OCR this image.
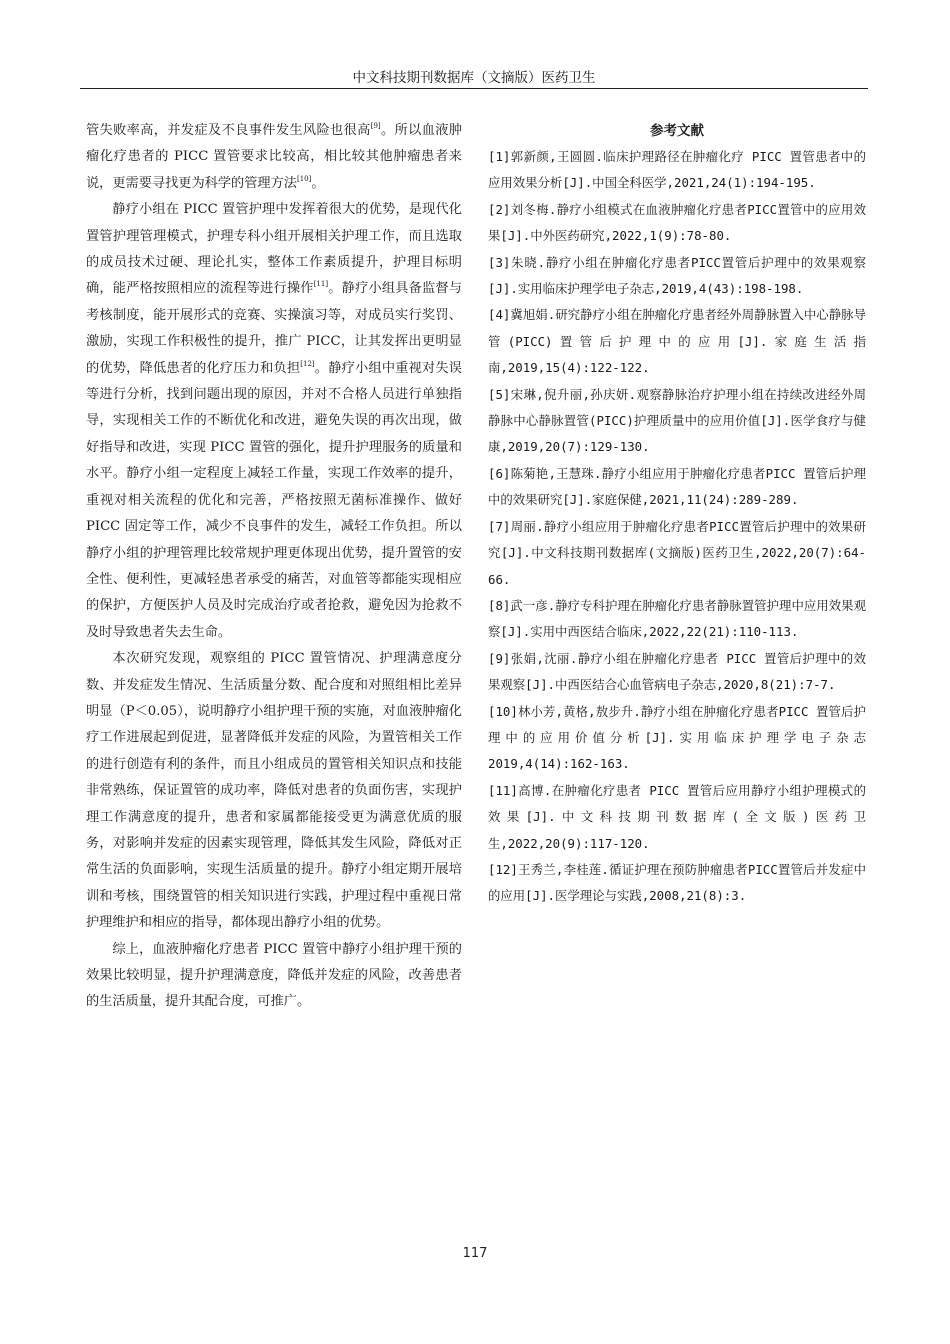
中文科技期刊数据库（文摘版）医药卫生

管失败率高，并发症及不良事件发生风险也很高[9]。所以血液肿瘤化疗患者的 PICC 置管要求比较高，相比较其他肿瘤患者来说，更需要寻找更为科学的管理方法[10]。

静疗小组在 PICC 置管护理中发挥着很大的优势，是现代化置管护理管理模式，护理专科小组开展相关护理工作，而且选取的成员技术过硬、理论扎实，整体工作素质提升，护理目标明确，能严格按照相应的流程等进行操作[11]。静疗小组具备监督与考核制度，能开展形式的竞赛、实操演习等，对成员实行奖罚、激励，实现工作积极性的提升，推广 PICC，让其发挥出更明显的优势，降低患者的化疗压力和负担[12]。静疗小组中重视对失误等进行分析，找到问题出现的原因，并对不合格人员进行单独指导，实现相关工作的不断优化和改进，避免失误的再次出现，做好指导和改进，实现 PICC 置管的强化，提升护理服务的质量和水平。静疗小组一定程度上减轻工作量，实现工作效率的提升，重视对相关流程的优化和完善，严格按照无菌标准操作、做好 PICC 固定等工作，减少不良事件的发生，减轻工作负担。所以静疗小组的护理管理比较常规护理更体现出优势，提升置管的安全性、便利性，更减轻患者承受的痛苦，对血管等都能实现相应的保护，方便医护人员及时完成治疗或者抢救，避免因为抢救不及时导致患者失去生命。

本次研究发现，观察组的 PICC 置管情况、护理满意度分数、并发症发生情况、生活质量分数、配合度和对照组相比差异明显（P＜0.05），说明静疗小组护理干预的实施，对血液肿瘤化疗工作进展起到促进，显著降低并发症的风险，为置管相关工作的进行创造有利的条件，而且小组成员的置管相关知识点和技能非常熟练，保证置管的成功率，降低对患者的负面伤害，实现护理工作满意度的提升，患者和家属都能接受更为满意优质的服务，对影响并发症的因素实现管理，降低其发生风险，降低对正常生活的负面影响，实现生活质量的提升。静疗小组定期开展培训和考核，围绕置管的相关知识进行实践，护理过程中重视日常护理维护和相应的指导，都体现出静疗小组的优势。

综上，血液肿瘤化疗患者 PICC 置管中静疗小组护理干预的效果比较明显，提升护理满意度，降低并发症的风险，改善患者的生活质量，提升其配合度，可推广。

参考文献
[1]郭新颜,王圆圆.临床护理路径在肿瘤化疗 PICC 置管患者中的应用效果分析[J].中国全科医学,2021,24(1):194-195.
[2]刘冬梅.静疗小组模式在血液肿瘤化疗患者PICC置管中的应用效果[J].中外医药研究,2022,1(9):78-80.
[3]朱晓.静疗小组在肿瘤化疗患者PICC置管后护理中的效果观察[J].实用临床护理学电子杂志,2019,4(43):198-198.
[4]冀旭娟.研究静疗小组在肿瘤化疗患者经外周静脉置入中心静脉导管(PICC)置管后护理中的应用[J].家庭生活指南,2019,15(4):122-122.
[5]宋琳,倪升丽,孙庆妍.观察静脉治疗护理小组在持续改进经外周静脉中心静脉置管(PICC)护理质量中的应用价值[J].医学食疗与健康,2019,20(7):129-130.
[6]陈菊艳,王慧珠.静疗小组应用于肿瘤化疗患者PICC 置管后护理中的效果研究[J].家庭保健,2021,11(24):289-289.
[7]周丽.静疗小组应用于肿瘤化疗患者PICC置管后护理中的效果研究[J].中文科技期刊数据库(文摘版)医药卫生,2022,20(7):64-66.
[8]武一彦.静疗专科护理在肿瘤化疗患者静脉置管护理中应用效果观察[J].实用中西医结合临床,2022,22(21):110-113.
[9]张娟,沈丽.静疗小组在肿瘤化疗患者 PICC 置管后护理中的效果观察[J].中西医结合心血管病电子杂志,2020,8(21):7-7.
[10]林小芳,黄格,敖步升.静疗小组在肿瘤化疗患者PICC 置管后护理中的应用价值分析[J].实用临床护理学电子杂志 2019,4(14):162-163.
[11]高博.在肿瘤化疗患者 PICC 置管后应用静疗小组护理模式的效果[J].中文科技期刊数据库(全文版)医药卫生,2022,20(9):117-120.
[12]王秀兰,李桂莲.循证护理在预防肿瘤患者PICC置管后并发症中的应用[J].医学理论与实践,2008,21(8):3.
117
